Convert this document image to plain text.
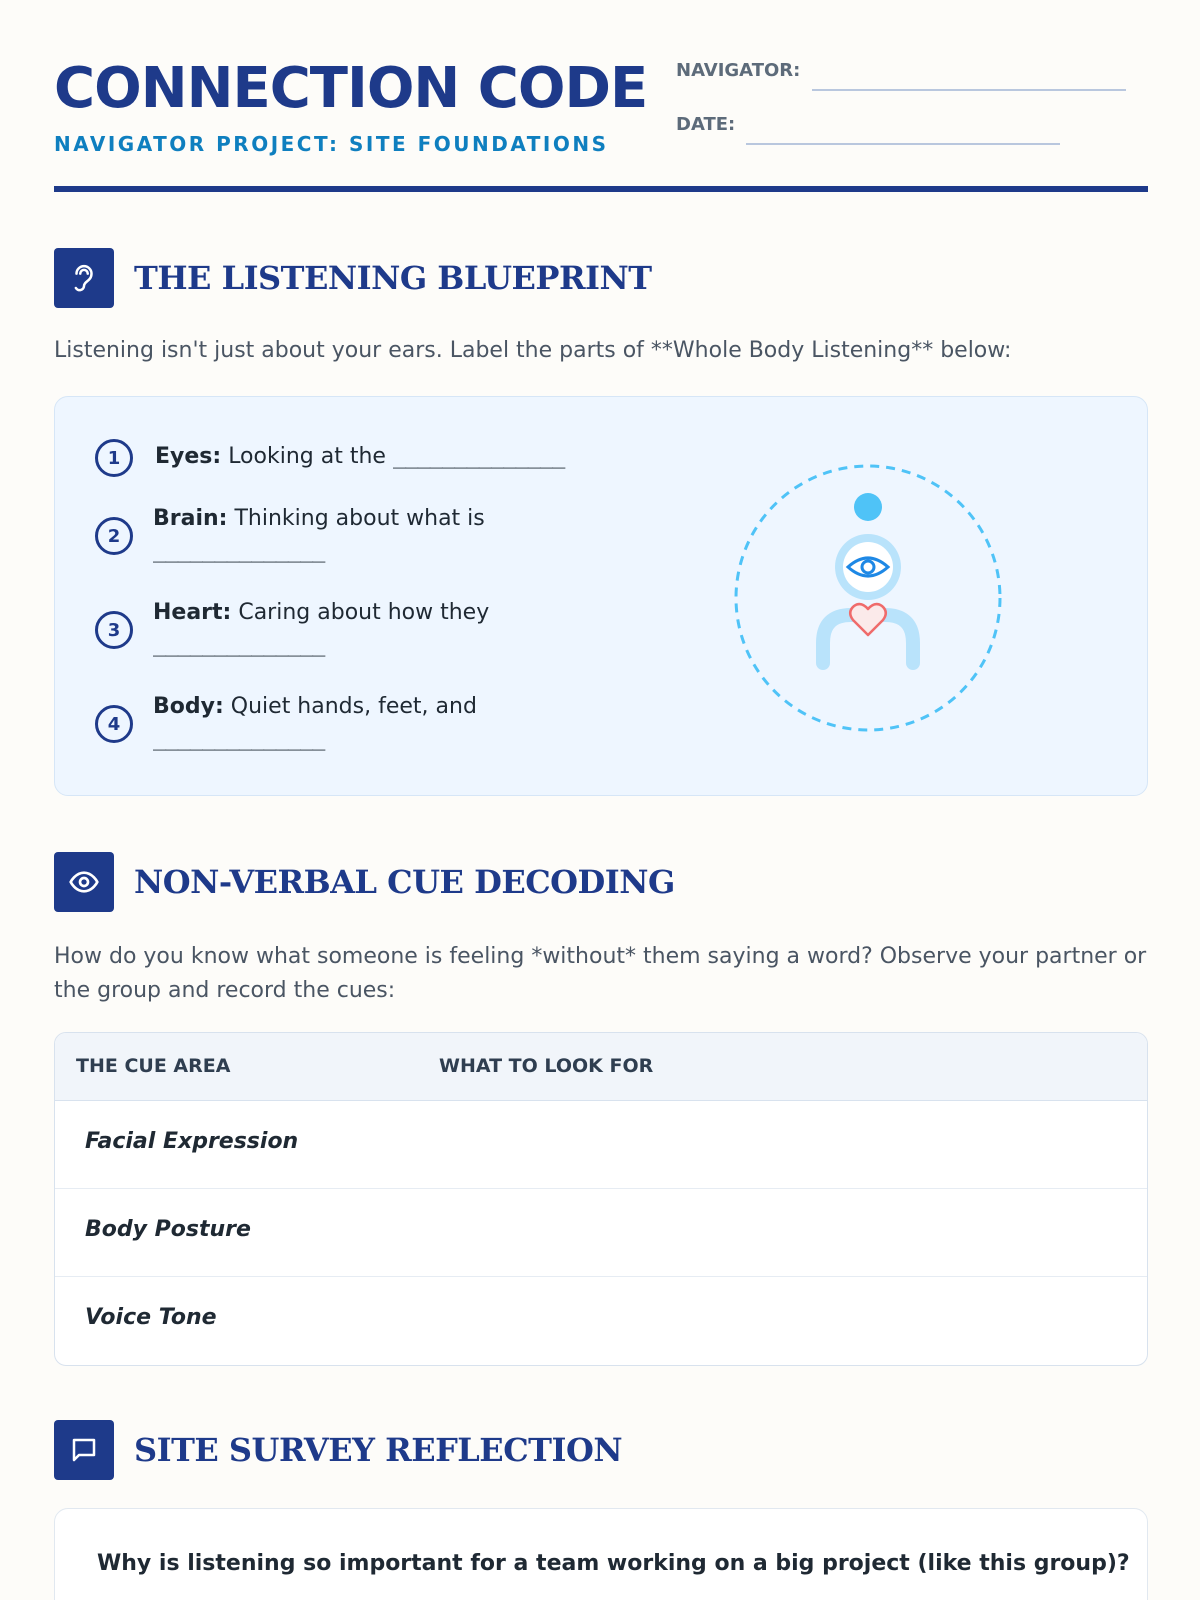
CONNECTION CODE
NAVIGATOR PROJECT: SITE FOUNDATIONS
NAVIGATOR:
DATE:
THE LISTENING BLUEPRINT
Listening isn't just about your ears. Label the parts of **Whole Body Listening** below:
1	Eyes: Looking at the ______________
2
Brain: Thinking about what is
______________
3
Heart: Caring about how they
______________
4
Body: Quiet hands, feet, and
______________
NON-VERBAL CUE DECODING
How do you know what someone is feeling *without* them saying a word? Observe your partner or the group and record the cues:
THE CUE AREA	WHAT TO LOOK FOR
Facial Expression
Body Posture
Voice Tone
SITE SURVEY REFLECTION
Why is listening so important for a team working on a big project (like this group)?
